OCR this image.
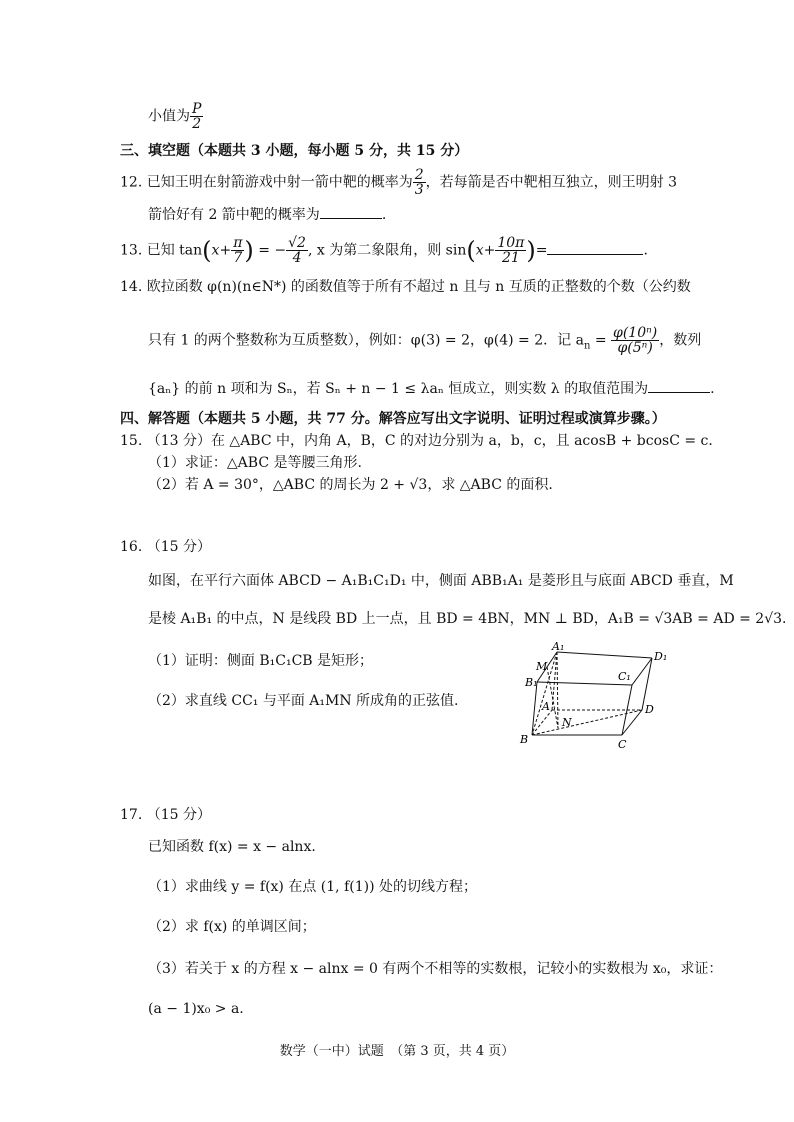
小值为 $\frac{P}{2}$
三、填空题（本题共 3 小题，每小题 5 分，共 15 分）
12. 已知王明在射箭游戏中射一箭中靶的概率为 $\frac{2}{3}$ ，若每箭是否中靶相互独立，则王明射 3
箭恰好有 2 箭中靶的概率为	.
13. 已知 $\tan(x+ \frac{\pi}{7}$ ) = − $\frac{√2}{4}$ , x 为第二象限角，则 $\sin(x+ \frac{10\pi}{21}$ )=	.
14. 欧拉函数 φ(n)(n∈N*) 的函数值等于所有不超过 n 且与 n 互质的正整数的个数（公约数
只有 1 的两个整数称为互质整数），例如：φ(3) = 2，φ(4) = 2．记 $a_n = \frac{\text{φ(10ⁿ)}}{\text{φ(5ⁿ)}}$ ，数列
{aₙ} 的前 n 项和为 Sₙ，若 Sₙ + n − 1 ≤ λaₙ 恒成立，则实数 λ 的取值范围为	.
四、解答题（本题共 5 小题，共 77 分。解答应写出文字说明、证明过程或演算步骤。）
15. （13 分）在 △ABC 中，内角 A，B，C 的对边分别为 a，b，c，且 acosB + bcosC = c．
（1）求证：△ABC 是等腰三角形.
（2）若 A = 30°，△ABC 的周长为 2 + √3，求 △ABC 的面积.
16. （15 分）
如图，在平行六面体 ABCD − A₁B₁C₁D₁ 中，侧面 ABB₁A₁ 是菱形且与底面 ABCD 垂直，M
是棱 A₁B₁ 的中点，N 是线段 BD 上一点，且 BD = 4BN，MN ⊥ BD，A₁B = √3AB = AD = 2√3.
（1）证明：侧面 B₁C₁CB 是矩形；
（2）求直线 CC₁ 与平面 A₁MN 所成角的正弦值.
A₁
D₁
M
C₁
B₁
A	D
N
B	C
17. （15 分）
已知函数 f(x) = x − alnx.
（1）求曲线 y = f(x) 在点 (1, f(1)) 处的切线方程；
（2）求 f(x) 的单调区间；
（3）若关于 x 的方程 x − alnx = 0 有两个不相等的实数根，记较小的实数根为 x₀，求证：
(a − 1)x₀ > a.
数学（一中）试题　（第 3 页，共 4 页）
